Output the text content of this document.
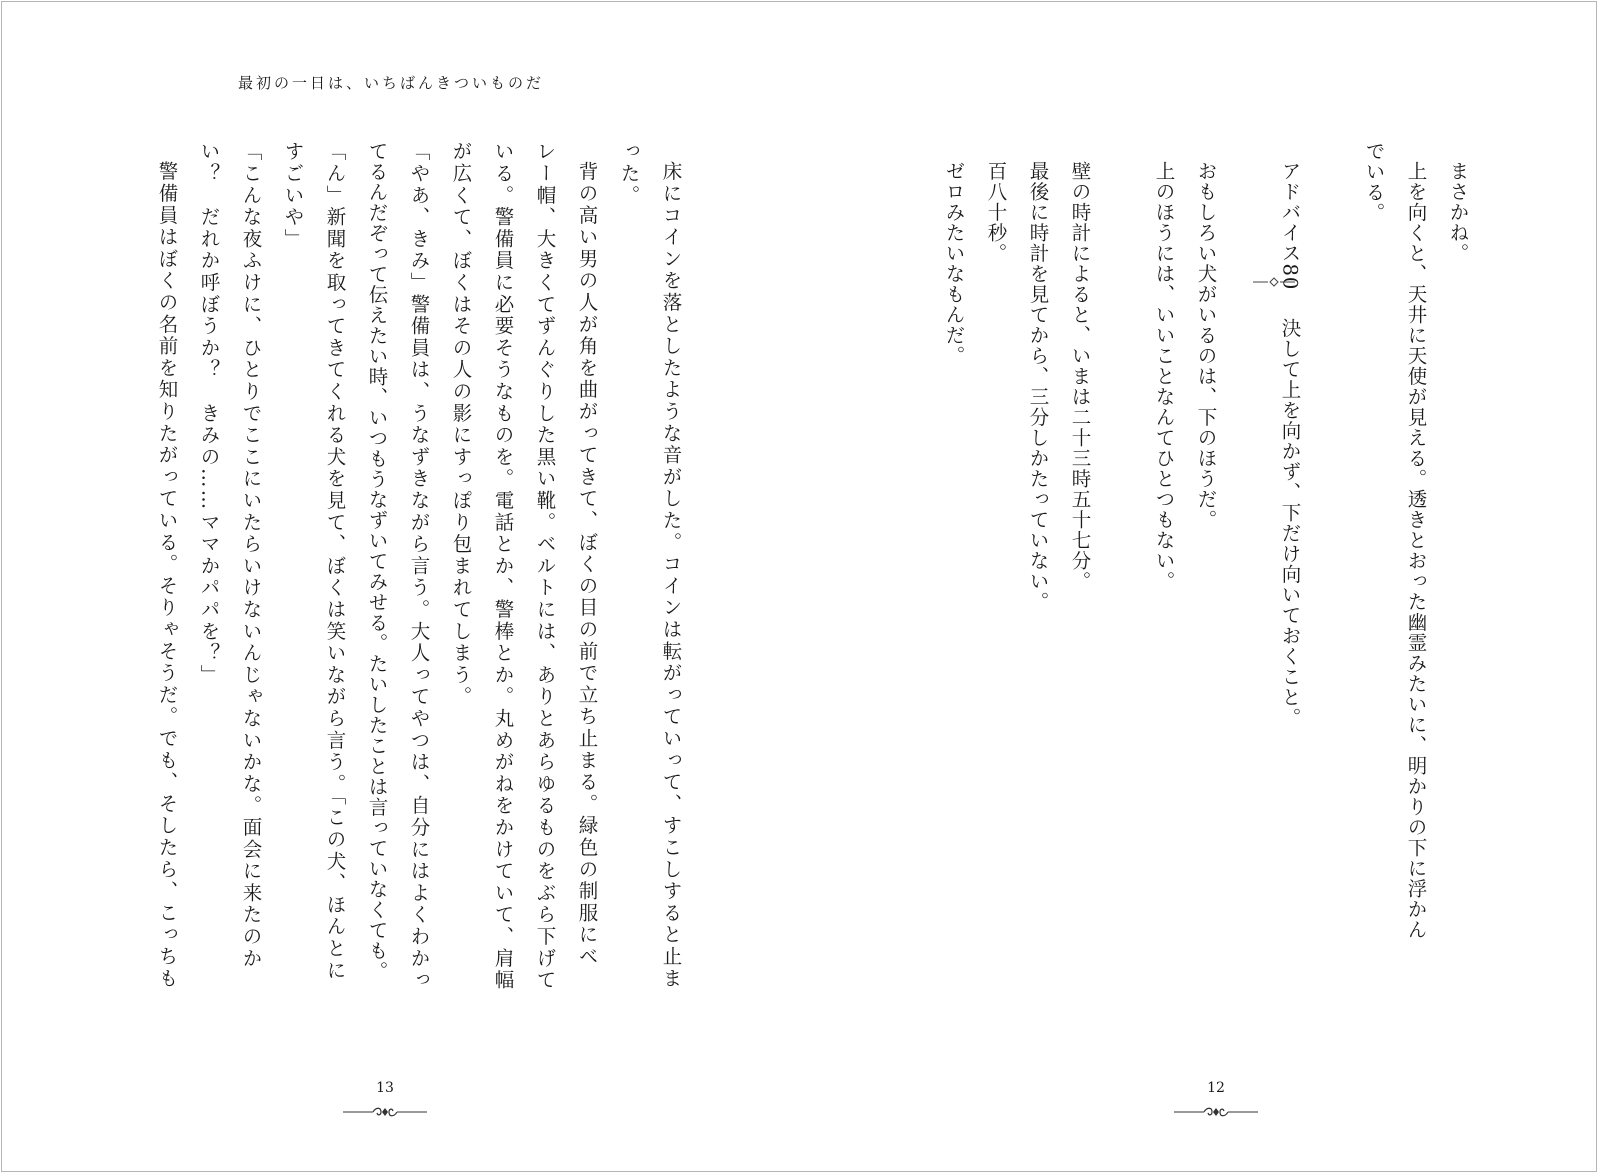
最初の一日は、いちばんきついものだ
まさかね。
上を向くと、天井に天使が見える。透きとおった幽霊みたいに、明かりの下に浮かん
でいる。
アドバイス80
決して上を向かず、下だけ向いておくこと。
おもしろい犬がいるのは、下のほうだ。
上のほうには、いいことなんてひとつもない。
壁の時計によると、いまは二十三時五十七分。
最後に時計を見てから、三分しかたっていない。
百八十秒。
ゼロみたいなもんだ。
12
床にコインを落としたような音がした。コインは転がっていって、すこしすると止ま
った。
背の高い男の人が角を曲がってきて、ぼくの目の前で立ち止まる。緑色の制服にベ
レー帽、大きくてずんぐりした黒い靴。ベルトには、ありとあらゆるものをぶら下げて
いる。警備員に必要そうなものを。電話とか、警棒とか。丸めがねをかけていて、肩幅
が広くて、ぼくはその人の影にすっぽり包まれてしまう。
「やあ、きみ」警備員は、うなずきながら言う。大人ってやつは、自分にはよくわかっ
てるんだぞって伝えたい時、いつもうなずいてみせる。たいしたことは言っていなくても。
「ん」新聞を取ってきてくれる犬を見て、ぼくは笑いながら言う。「この犬、ほんとに
すごいや」
「こんな夜ふけに、ひとりでここにいたらいけないんじゃないかな。面会に来たのか
い？　だれか呼ぼうか？　きみの……ママかパパを？」
警備員はぼくの名前を知りたがっている。そりゃそうだ。でも、そしたら、こっちも
13
